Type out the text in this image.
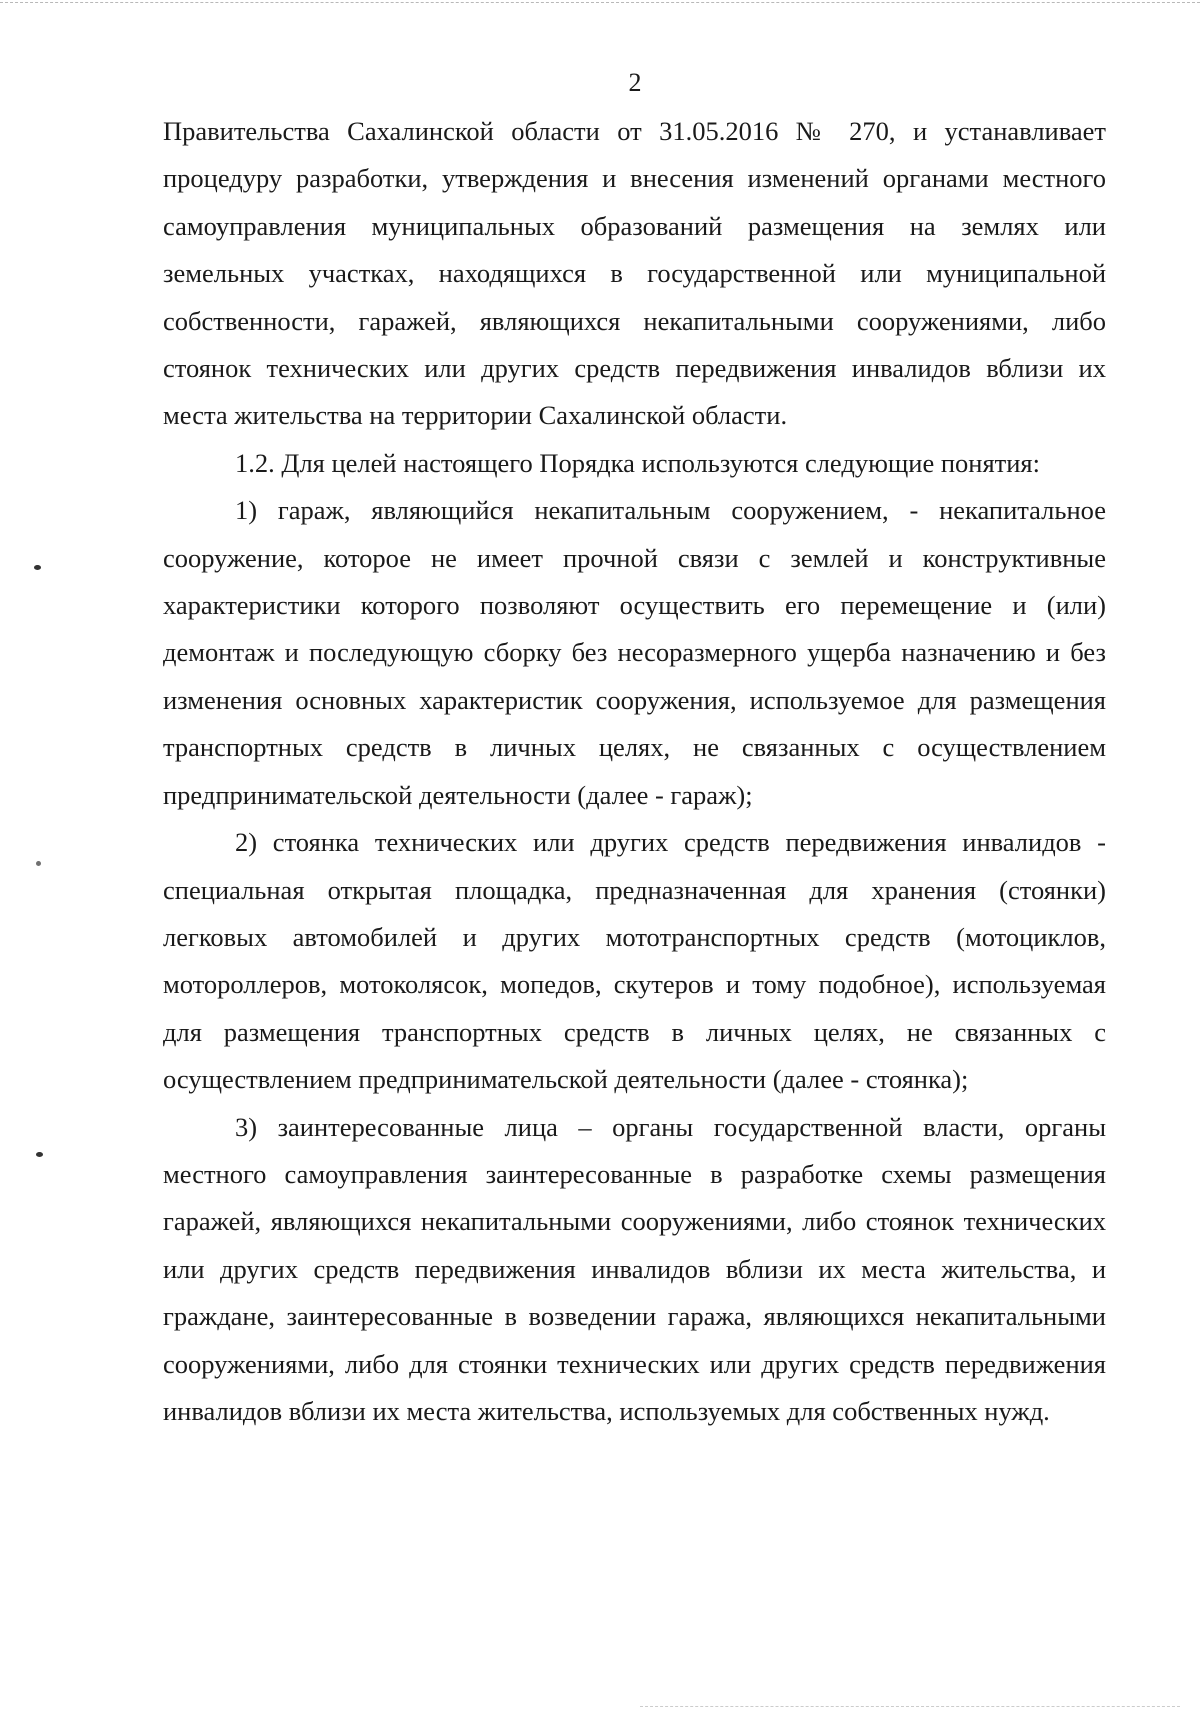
2

Правительства Сахалинской области от 31.05.2016 № 270, и устанавливает процедуру разработки, утверждения и внесения изменений органами местного самоуправления муниципальных образований размещения на землях или земельных участках, находящихся в государственной или муниципальной собственности, гаражей, являющихся некапитальными сооружениями, либо стоянок технических или других средств передвижения инвалидов вблизи их места жительства на территории Сахалинской области.

1.2. Для целей настоящего Порядка используются следующие понятия:

1) гараж, являющийся некапитальным сооружением, - некапитальное сооружение, которое не имеет прочной связи с землей и конструктивные характеристики которого позволяют осуществить его перемещение и (или) демонтаж и последующую сборку без несоразмерного ущерба назначению и без изменения основных характеристик сооружения, используемое для размещения транспортных средств в личных целях, не связанных с осуществлением предпринимательской деятельности (далее - гараж);

2) стоянка технических или других средств передвижения инвалидов - специальная открытая площадка, предназначенная для хранения (стоянки) легковых автомобилей и других мототранспортных средств (мотоциклов, мотороллеров, мотоколясок, мопедов, скутеров и тому подобное), используемая для размещения транспортных средств в личных целях, не связанных с осуществлением предпринимательской деятельности (далее - стоянка);

3) заинтересованные лица – органы государственной власти, органы местного самоуправления заинтересованные в разработке схемы размещения гаражей, являющихся некапитальными сооружениями, либо стоянок технических или других средств передвижения инвалидов вблизи их места жительства, и граждане, заинтересованные в возведении гаража, являющихся некапитальными сооружениями, либо для стоянки технических или других средств передвижения инвалидов вблизи их места жительства, используемых для собственных нужд.
